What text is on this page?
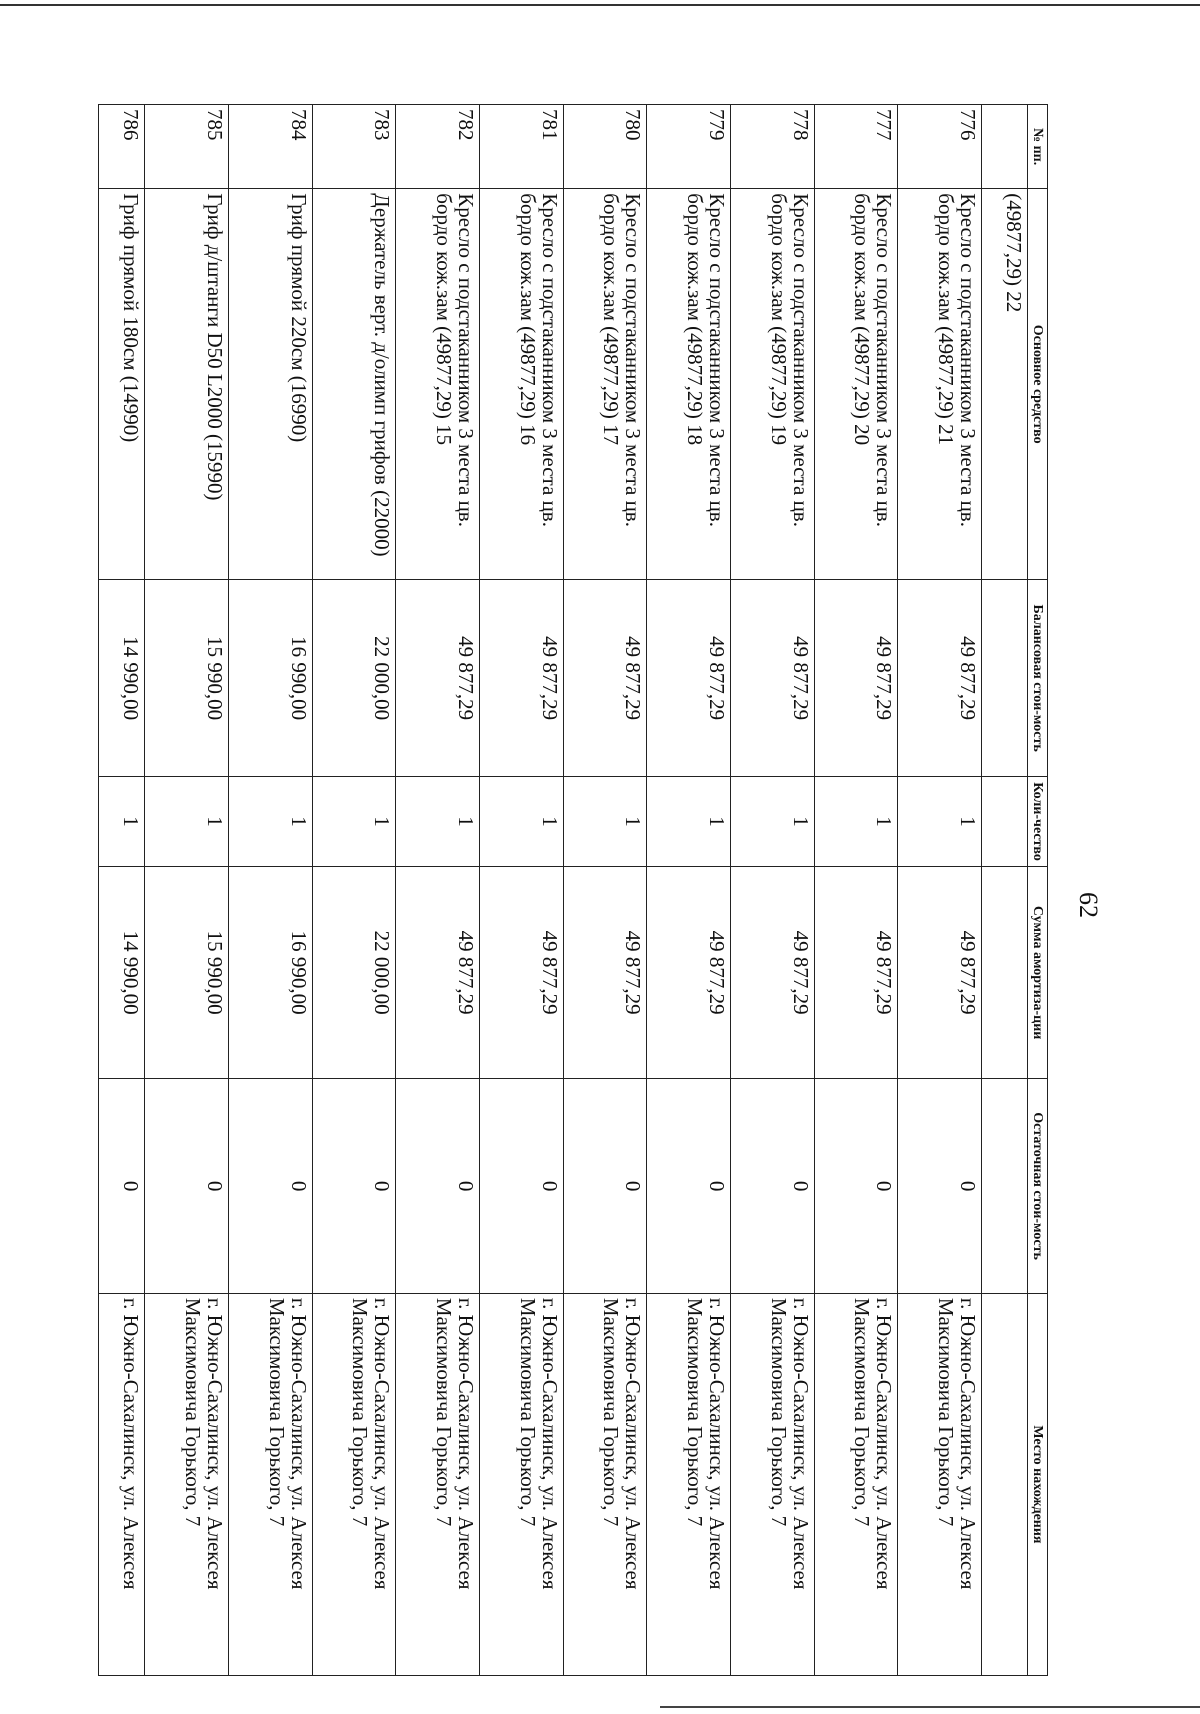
62
№ пп.	Основное средство	Балансовая стои-мость	Коли-чество	Сумма амортиза-ции	Остаточная стои-мость	Место нахождения
	(49877,29) 22					
776	Кресло с подстаканником 3 места цв. бордо кож.зам (49877,29) 21	49 877,29	1	49 877,29	0	г. Южно-Сахалинск, ул. Алексея Максимовича Горького, 7
777	Кресло с подстаканником 3 места цв. бордо кож.зам (49877,29) 20	49 877,29	1	49 877,29	0	г. Южно-Сахалинск, ул. Алексея Максимовича Горького, 7
778	Кресло с подстаканником 3 места цв. бордо кож.зам (49877,29) 19	49 877,29	1	49 877,29	0	г. Южно-Сахалинск, ул. Алексея Максимовича Горького, 7
779	Кресло с подстаканником 3 места цв. бордо кож.зам (49877,29) 18	49 877,29	1	49 877,29	0	г. Южно-Сахалинск, ул. Алексея Максимовича Горького, 7
780	Кресло с подстаканником 3 места цв. бордо кож.зам (49877,29) 17	49 877,29	1	49 877,29	0	г. Южно-Сахалинск, ул. Алексея Максимовича Горького, 7
781	Кресло с подстаканником 3 места цв. бордо кож.зам (49877,29) 16	49 877,29	1	49 877,29	0	г. Южно-Сахалинск, ул. Алексея Максимовича Горького, 7
782	Кресло с подстаканником 3 места цв. бордо кож.зам (49877,29) 15	49 877,29	1	49 877,29	0	г. Южно-Сахалинск, ул. Алексея Максимовича Горького, 7
783	Держатель верт. д/олимп грифов (22000)	22 000,00	1	22 000,00	0	г. Южно-Сахалинск, ул. Алексея Максимовича Горького, 7
784	Гриф прямой 220см (16990)	16 990,00	1	16 990,00	0	г. Южно-Сахалинск, ул. Алексея Максимовича Горького, 7
785	Гриф д/штанги D50 L2000 (15990)	15 990,00	1	15 990,00	0	г. Южно-Сахалинск, ул. Алексея Максимовича Горького, 7
786	Гриф прямой 180см (14990)	14 990,00	1	14 990,00	0	г. Южно-Сахалинск, ул. Алексея
